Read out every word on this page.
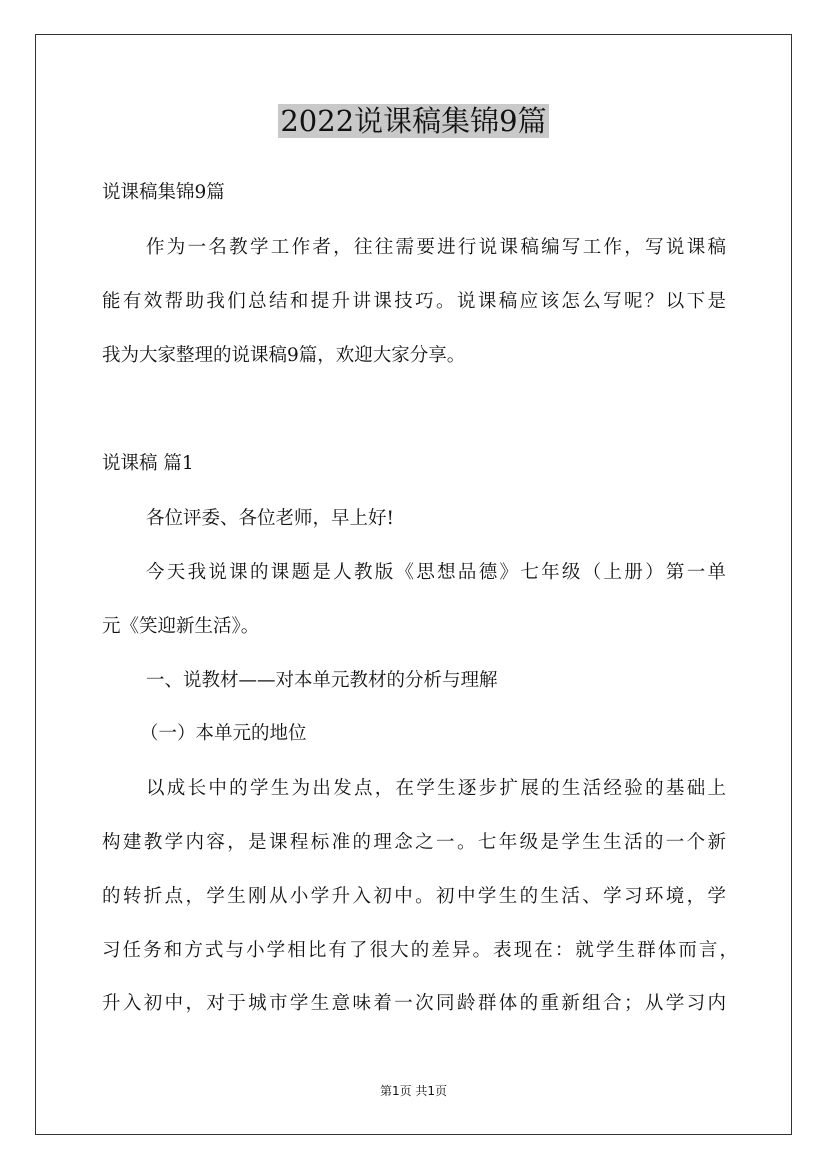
2022说课稿集锦9篇

说课稿集锦9篇

作为一名教学工作者，往往需要进行说课稿编写工作，写说课稿

能有效帮助我们总结和提升讲课技巧。说课稿应该怎么写呢？以下是

我为大家整理的说课稿9篇，欢迎大家分享。

说课稿 篇1

各位评委、各位老师，早上好!

今天我说课的课题是人教版《思想品德》七年级（上册）第一单

元《笑迎新生活》。

一、说教材——对本单元教材的分析与理解

（一）本单元的地位

以成长中的学生为出发点，在学生逐步扩展的生活经验的基础上

构建教学内容，是课程标准的理念之一。七年级是学生生活的一个新

的转折点，学生刚从小学升入初中。初中学生的生活、学习环境，学

习任务和方式与小学相比有了很大的差异。表现在：就学生群体而言，

升入初中，对于城市学生意味着一次同龄群体的重新组合；从学习内

第1页 共1页
